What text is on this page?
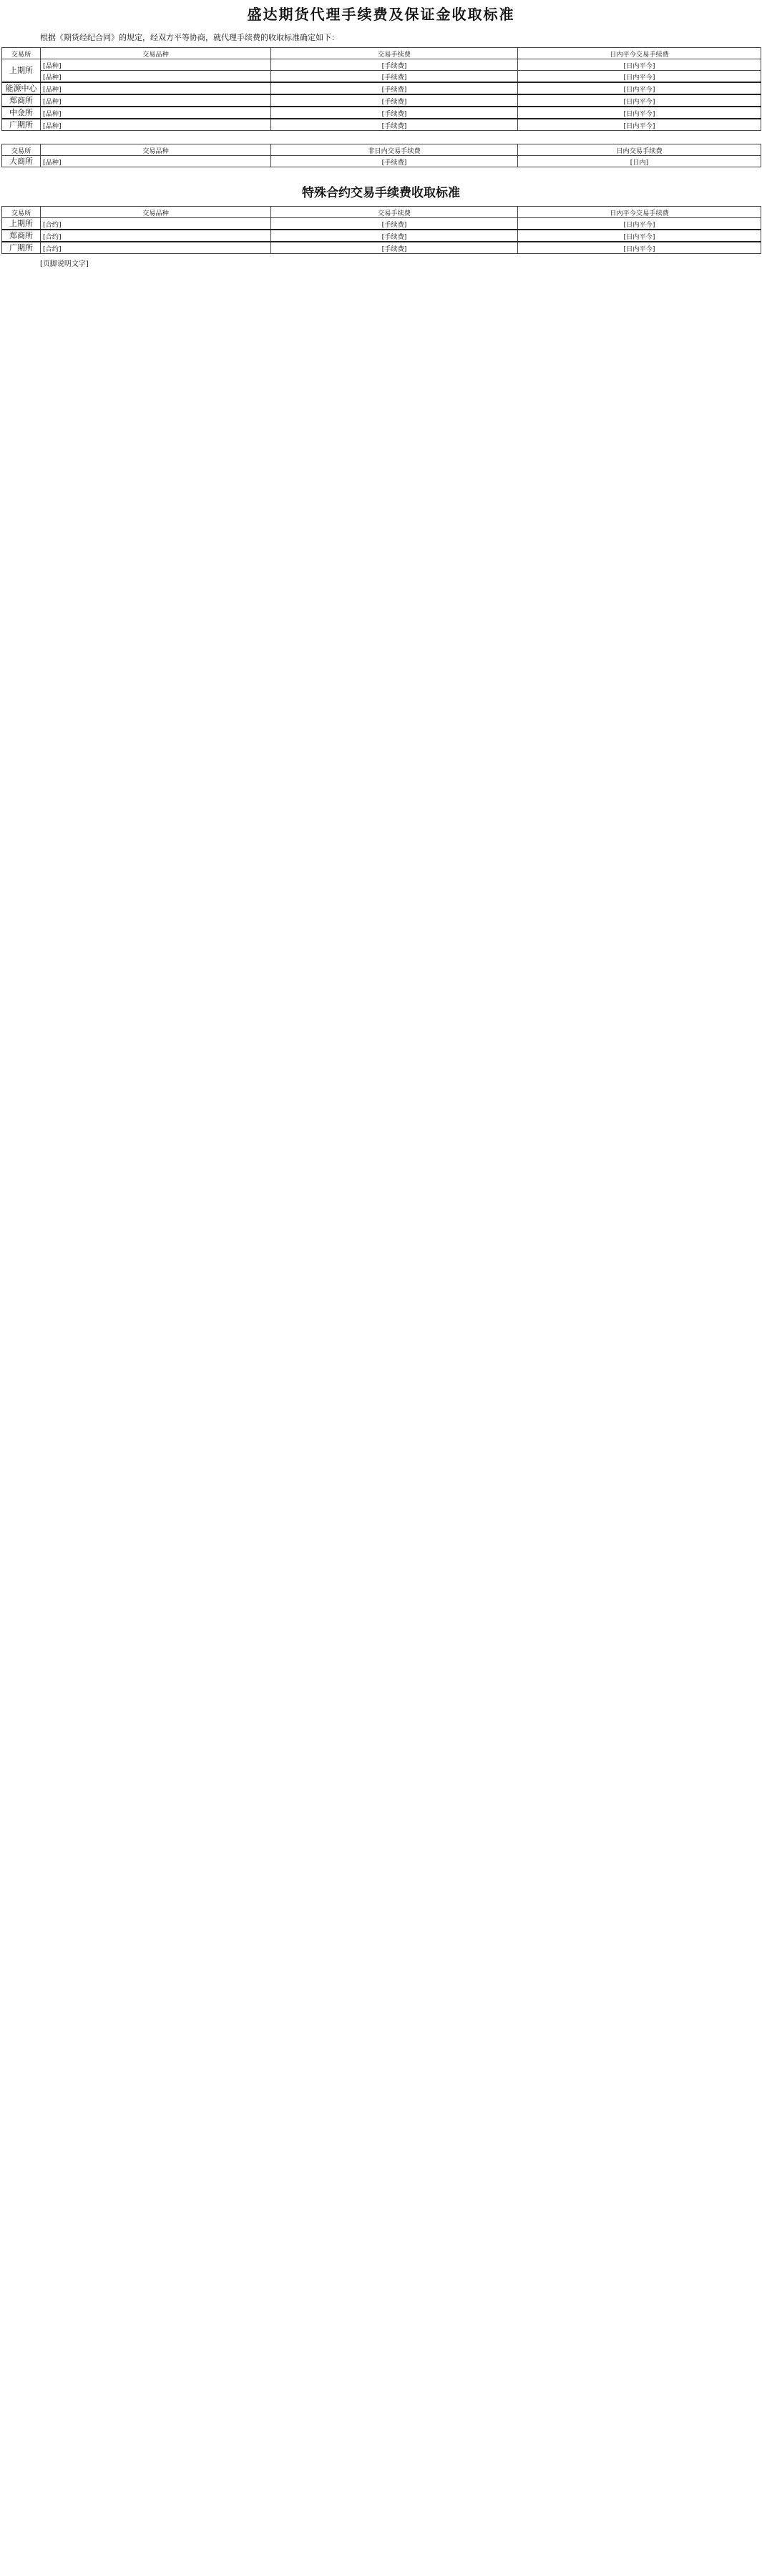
盛达期货代理手续费及保证金收取标准
根据《期货经纪合同》的规定，经双方平等协商，就代理手续费的收取标准确定如下：
交易所	交易品种	交易手续费	日内平今交易手续费
上期所	[品种]	[手续费]	[日内平今]
	[品种]	[手续费]	[日内平今]
能源中心	[品种]	[手续费]	[日内平今]
郑商所	[品种]	[手续费]	[日内平今]
中金所	[品种]	[手续费]	[日内平今]
广期所	[品种]	[手续费]	[日内平今]
交易所	交易品种	非日内交易手续费	日内交易手续费
大商所	[品种]	[手续费]	[日内]
特殊合约交易手续费收取标准
交易所	交易品种	交易手续费	日内平今交易手续费
上期所	[合约]	[手续费]	[日内平今]
郑商所	[合约]	[手续费]	[日内平今]
广期所	[合约]	[手续费]	[日内平今]
[页脚说明文字]
